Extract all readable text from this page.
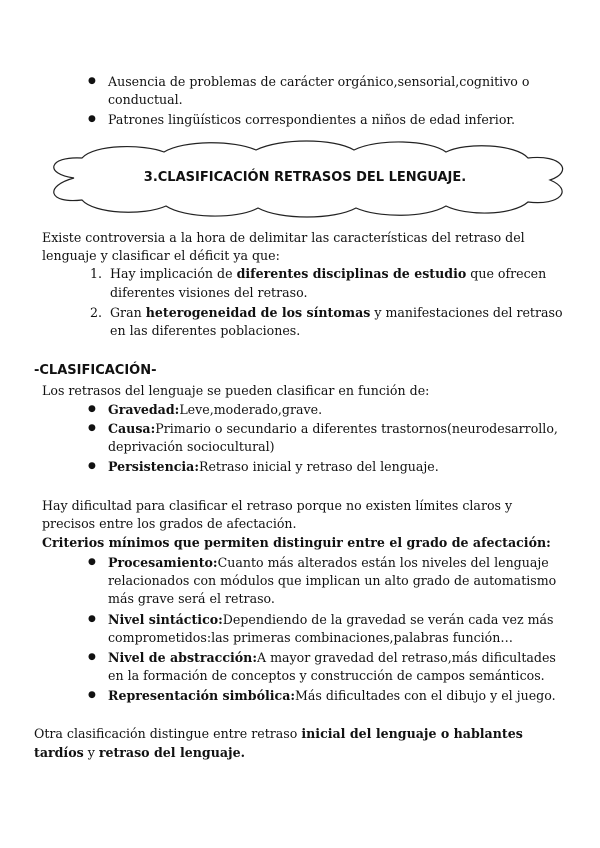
● Ausencia de problemas de carácter orgánico,sensorial,cognitivo o
conductual.
● Patrones lingüísticos correspondientes a niños de edad inferior.
3.CLASIFICACIÓN RETRASOS DEL LENGUAJE.
Existe controversia a la hora de delimitar las características del retraso del
lenguaje y clasificar el déficit ya que:
1. Hay implicación de diferentes disciplinas de estudio que ofrecen
diferentes visiones del retraso.
2. Gran heterogeneidad de los síntomas y manifestaciones del retraso
en las diferentes poblaciones.
-CLASIFICACIÓN-
Los retrasos del lenguaje se pueden clasificar en función de:
● Gravedad:Leve,moderado,grave.
● Causa:Primario o secundario a diferentes trastornos(neurodesarrollo,
deprivación sociocultural)
● Persistencia:Retraso inicial y retraso del lenguaje.
Hay dificultad para clasificar el retraso porque no existen límites claros y
precisos entre los grados de afectación.
Criterios mínimos que permiten distinguir entre el grado de afectación:
● Procesamiento:Cuanto más alterados están los niveles del lenguaje
relacionados con módulos que implican un alto grado de automatismo
más grave será el retraso.
● Nivel sintáctico:Dependiendo de la gravedad se verán cada vez más
comprometidos:las primeras combinaciones,palabras función…
● Nivel de abstracción:A mayor gravedad del retraso,más dificultades
en la formación de conceptos y construcción de campos semánticos.
● Representación simbólica:Más dificultades con el dibujo y el juego.
Otra clasificación distingue entre retraso inicial del lenguaje o hablantes
tardíos y retraso del lenguaje.
